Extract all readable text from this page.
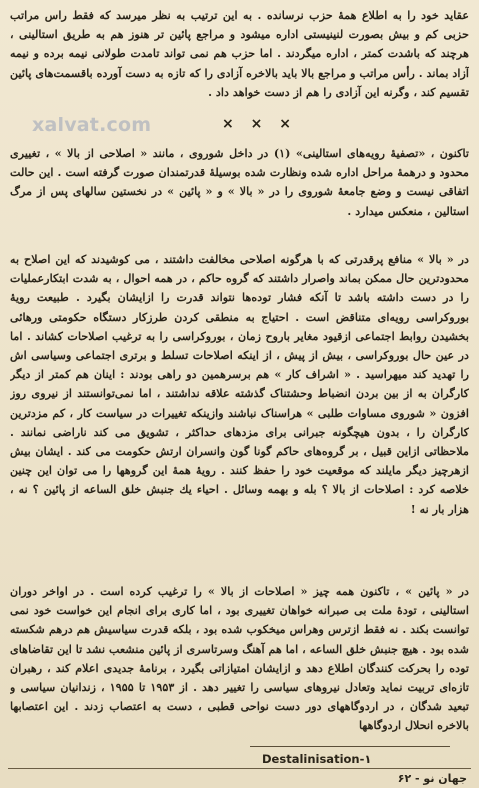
عقاید خود را به اطلاع همهٔ حزب نرسانده . به این ترتیب به نظر میرسد که فقط راس مراتب حزبی کم و بیش بصورت لنینیستی اداره میشود و مراجع پائین تر هنوز هم به طریق استالینی ، هرچند که باشدت کمتر ، اداره میگردند . اما حزب هم نمی تواند تامدت طولانی نیمه برده و نیمه آزاد بماند . رأس مراتب و مراجع بالا باید بالاخره آزادی را که تازه به دست آورده باقسمت‌های پائین تقسیم کند ، وگرنه این آزادی را هم از دست خواهد داد .

xalvat.com	× × ×

تاکنون ، «تصفیهٔ رویه‌های استالینی» (۱) در داخل شوروی ، مانند « اصلاحی از بالا » ، تغییری محدود و درهمهٔ مراحل اداره شده ونظارت شده بوسیلهٔ قدرتمندان صورت گرفته است . این حالت اتفاقی نیست و وضع جامعهٔ شوروی را در « بالا » و « پائین » در نخستین سالهای پس از مرگ استالین ، منعکس میدارد .

در « بالا » منافع پرقدرتی که با هرگونه اصلاحی مخالفت داشتند ، می کوشیدند که این اصلاح به محدودترین حال ممکن بماند واصرار داشتند که گروه حاکم ، در همه احوال ، به شدت ابتکارعملیات را در دست داشته باشد تا آنکه فشار توده‌ها نتواند قدرت را ازایشان بگیرد . طبیعت رویهٔ بوروکراسی رویه‌ای متناقض است . احتیاج به منطقی کردن طرزکار دستگاه حکومتی ورهائی بخشیدن روابط اجتماعی ازقیود مغایر باروح زمان ، بوروکراسی را به ترغیب اصلاحات کشاند . اما در عین حال بوروکراسی ، بیش از پیش ، از اینکه اصلاحات تسلط و برتری اجتماعی وسیاسی اش را تهدید کند میهراسید . « اشراف کار » هم برسرهمین دو راهی بودند : اینان هم کمتر از دیگر کارگران به از بین بردن انضباط وحشتناک گذشته علاقه نداشتند ، اما نمی‌توانستند از نیروی روز افزون « شوروی مساوات طلبی » هراسناک نباشند وازینکه تغییرات در سیاست کار ، کم مزدترین کارگران را ، بدون هیچگونه جبرانی برای مزدهای حداکثر ، تشویق می کند ناراضی نمانند . ملاحظاتی ازاین قبیل ، بر گروه‌های حاکم گونا گون وانسران ارتش حکومت می کند . ایشان بیش ازهرچیز دیگر مایلند که موقعیت خود را حفظ کنند . رویهٔ همهٔ این گروهها را می توان این چنین خلاصه کرد : اصلاحات از بالا ؟ بله و بهمه وسائل . احیاء یك جنبش خلق الساعه از پائین ؟ نه ، هزار بار نه !

در « پائین » ، تاکنون همه چیز « اصلاحات از بالا » را ترغیب کرده است . در اواخر دوران استالینی ، تودهٔ ملت بی صبرانه خواهان تغییری بود ، اما کاری برای انجام این خواست خود نمی توانست بکند . نه فقط ازترس وهراس میخکوب شده بود ، بلکه قدرت سیاسیش هم درهم شکسته شده بود . هیچ جنبش خلق الساعه ، اما هم آهنگ وسرتاسری از پائین منشعب نشد تا این تقاضاهای توده را بحرکت کنندگان اطلاع دهد و ازایشان امتیازاتی بگیرد ، برنامهٔ جدیدی اعلام کند ، رهبران تازه‌ای تربیت نماید وتعادل نیروهای سیاسی را تغییر دهد . از ۱۹۵۳ تا ۱۹۵۵ ، زندانیان سیاسی و تبعید شدگان ، در اردوگاههای دور دست نواحی قطبی ، دست به اعتصاب زدند . این اعتصابها بالاخره انحلال اردوگاهها

Destalinisation-۱
جهان نو - ۶۲
